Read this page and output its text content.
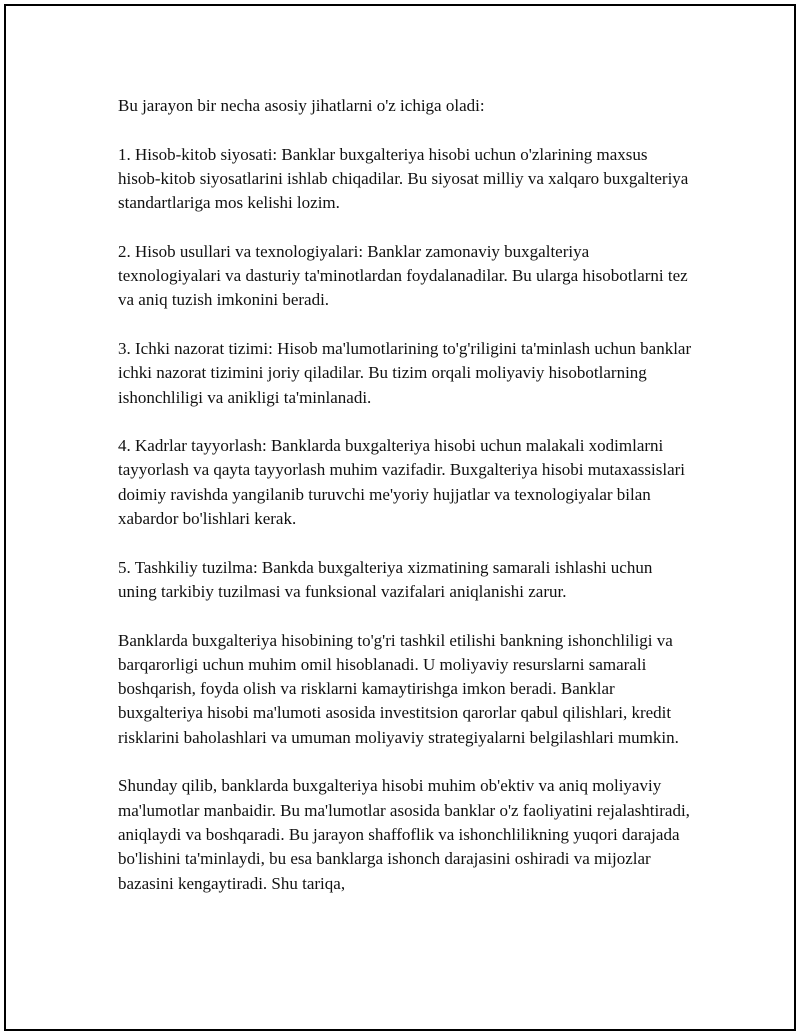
Bu jarayon bir necha asosiy jihatlarni o'z ichiga oladi:

1. Hisob-kitob siyosati: Banklar buxgalteriya hisobi uchun o'zlarining maxsus hisob-kitob siyosatlarini ishlab chiqadilar. Bu siyosat milliy va xalqaro buxgalteriya standartlariga mos kelishi lozim.

2. Hisob usullari va texnologiyalari: Banklar zamonaviy buxgalteriya texnologiyalari va dasturiy ta'minotlardan foydalanadilar. Bu ularga hisobotlarni tez va aniq tuzish imkonini beradi.

3. Ichki nazorat tizimi: Hisob ma'lumotlarining to'g'riligini ta'minlash uchun banklar ichki nazorat tizimini joriy qiladilar. Bu tizim orqali moliyaviy hisobotlarning ishonchliligi va anikligi ta'minlanadi.

4. Kadrlar tayyorlash: Banklarda buxgalteriya hisobi uchun malakali xodimlarni tayyorlash va qayta tayyorlash muhim vazifadir. Buxgalteriya hisobi mutaxassislari doimiy ravishda yangilanib turuvchi me'yoriy hujjatlar va texnologiyalar bilan xabardor bo'lishlari kerak.

5. Tashkiliy tuzilma: Bankda buxgalteriya xizmatining samarali ishlashi uchun uning tarkibiy tuzilmasi va funksional vazifalari aniqlanishi zarur.

Banklarda buxgalteriya hisobining to'g'ri tashkil etilishi bankning ishonchliligi va barqarorligi uchun muhim omil hisoblanadi. U moliyaviy resurslarni samarali boshqarish, foyda olish va risklarni kamaytirishga imkon beradi. Banklar buxgalteriya hisobi ma'lumoti asosida investitsion qarorlar qabul qilishlari, kredit risklarini baholashlari va umuman moliyaviy strategiyalarni belgilashlari mumkin.

Shunday qilib, banklarda buxgalteriya hisobi muhim ob'ektiv va aniq moliyaviy ma'lumotlar manbaidir. Bu ma'lumotlar asosida banklar o'z faoliyatini rejalashtiradi, aniqlaydi va boshqaradi. Bu jarayon shaffoflik va ishonchlilikning yuqori darajada bo'lishini ta'minlaydi, bu esa banklarga ishonch darajasini oshiradi va mijozlar bazasini kengaytiradi. Shu tariqa,
